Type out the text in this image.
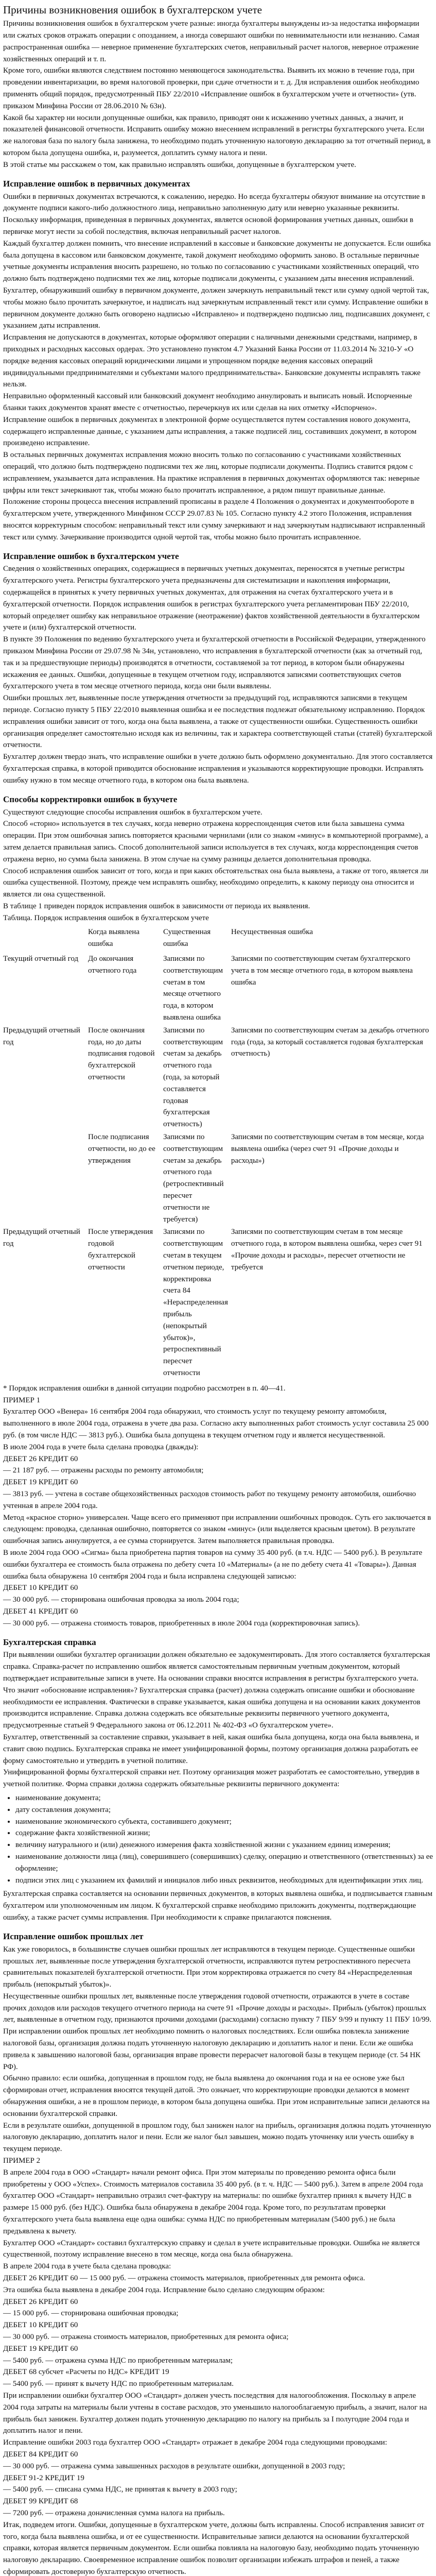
Причины возникновения ошибок в бухгалтерском учете

Причины возникновения ошибок в бухгалтерском учете разные: иногда бухгалтеры вынуждены из-за недостатка информации или сжатых сроков отражать операции с опозданием, а иногда совершают ошибки по невнимательности или незнанию. Самая распространенная ошибка — неверное применение бухгалтерских счетов, неправильный расчет налогов, неверное отражение хозяйственных операций и т. п.

Кроме того, ошибки являются следствием постоянно меняющегося законодательства. Выявить их можно в течение года, при проведении инвентаризации, во время налоговой проверки, при сдаче отчетности и т. д. Для исправления ошибок необходимо применять общий порядок, предусмотренный ПБУ 22/2010 «Исправление ошибок в бухгалтерском учете и отчетности» (утв. приказом Минфина России от 28.06.2010 № 63н).

Какой бы характер ни носили допущенные ошибки, как правило, приводят они к искажению учетных данных, а значит, и показателей финансовой отчетности. Исправить ошибку можно внесением исправлений в регистры бухгалтерского учета. Если же налоговая база по налогу была занижена, то необходимо подать уточненную налоговую декларацию за тот отчетный период, в котором была допущена ошибка, и, разумеется, доплатить сумму налога и пени.

В этой статье мы расскажем о том, как правильно исправлять ошибки, допущенные в бухгалтерском учете.

Исправление ошибок в первичных документах

Ошибки в первичных документах встречаются, к сожалению, нередко. Но всегда бухгалтеры обязуют внимание на отсутствие в документе подписи какого-либо должностного лица, неправильно заполненную дату или неверно указанные реквизиты. Поскольку информация, приведенная в первичных документах, является основой формирования учетных данных, ошибки в первичке могут нести за собой последствия, включая неправильный расчет налогов.

Каждый бухгалтер должен помнить, что внесение исправлений в кассовые и банковские документы не допускается. Если ошибка была допущена в кассовом или банковском документе, такой документ необходимо оформить заново. В остальные первичные учетные документы исправления вносить разрешено, но только по согласованию с участниками хозяйственных операций, что должно быть подтверждено подписями тех же лиц, которые подписали документы, с указанием даты внесения исправлений.

Бухгалтер, обнаруживший ошибку в первичном документе, должен зачеркнуть неправильный текст или сумму одной чертой так, чтобы можно было прочитать зачеркнутое, и надписать над зачеркнутым исправленный текст или сумму. Исправление ошибки в первичном документе должно быть оговорено надписью «Исправлено» и подтверждено подписью лиц, подписавших документ, с указанием даты исправления.

Исправления не допускаются в документах, которые оформляют операции с наличными денежными средствами, например, в приходных и расходных кассовых ордерах. Это установлено пунктом 4.7 Указаний Банка России от 11.03.2014 № 3210-У «О порядке ведения кассовых операций юридическими лицами и упрощенном порядке ведения кассовых операций индивидуальными предпринимателями и субъектами малого предпринимательства». Банковские документы исправлять также нельзя.

Неправильно оформленный кассовый или банковский документ необходимо аннулировать и выписать новый. Испорченные бланки таких документов хранят вместе с отчетностью, перечеркнув их или сделав на них отметку «Испорчено».

Исправление ошибок в первичных документах в электронной форме осуществляется путем составления нового документа, содержащего исправленные данные, с указанием даты исправления, а также подписей лиц, составивших документ, в котором произведено исправление.

В остальных первичных документах исправления можно вносить только по согласованию с участниками хозяйственных операций, что должно быть подтверждено подписями тех же лиц, которые подписали документы. Подпись ставится рядом с исправлением, указывается дата исправления. На практике исправления в первичных документах оформляются так: неверные цифры или текст зачеркивают так, чтобы можно было прочитать исправленное, а рядом пишут правильные данные.

Положение стороны процесса внесения исправлений прописаны в разделе 4 Положения о документах и документообороте в бухгалтерском учете, утвержденного Минфином СССР 29.07.83 № 105. Согласно пункту 4.2 этого Положения, исправления вносятся корректурным способом: неправильный текст или сумму зачеркивают и над зачеркнутым надписывают исправленный текст или сумму. Зачеркивание производится одной чертой так, чтобы можно было прочитать исправленное.

Исправление ошибок в бухгалтерском учете

Сведения о хозяйственных операциях, содержащиеся в первичных учетных документах, переносятся в учетные регистры бухгалтерского учета. Регистры бухгалтерского учета предназначены для систематизации и накопления информации, содержащейся в принятых к учету первичных учетных документах, для отражения на счетах бухгалтерского учета и в бухгалтерской отчетности. Порядок исправления ошибок в регистрах бухгалтерского учета регламентирован ПБУ 22/2010, который определяет ошибку как неправильное отражение (неотражение) фактов хозяйственной деятельности в бухгалтерском учете и (или) бухгалтерской отчетности.

В пункте 39 Положения по ведению бухгалтерского учета и бухгалтерской отчетности в Российской Федерации, утвержденного приказом Минфина России от 29.07.98 № 34н, установлено, что исправления в бухгалтерской отчетности (как за отчетный год, так и за предшествующие периоды) производятся в отчетности, составляемой за тот период, в котором были обнаружены искажения ее данных. Ошибки, допущенные в текущем отчетном году, исправляются записями соответствующих счетов бухгалтерского учета в том месяце отчетного периода, когда они были выявлены.

Ошибки прошлых лет, выявленные после утверждения отчетности за предыдущий год, исправляются записями в текущем периоде. Согласно пункту 5 ПБУ 22/2010 выявленная ошибка и ее последствия подлежат обязательному исправлению. Порядок исправления ошибки зависит от того, когда она была выявлена, а также от существенности ошибки. Существенность ошибки организация определяет самостоятельно исходя как из величины, так и характера соответствующей статьи (статей) бухгалтерской отчетности.

Бухгалтер должен твердо знать, что исправление ошибки в учете должно быть оформлено документально. Для этого составляется бухгалтерская справка, в которой приводится обоснование исправления и указываются корректирующие проводки. Исправлять ошибку нужно в том месяце отчетного года, в котором она была выявлена.

Способы корректировки ошибок в бухучете

Существуют следующие способы исправления ошибок в бухгалтерском учете.

Способ «сторно» используется в тех случаях, когда неверно отражена корреспонденция счетов или была завышена сумма операции. При этом ошибочная запись повторяется красными чернилами (или со знаком «минус» в компьютерной программе), а затем делается правильная запись. Способ дополнительной записи используется в тех случаях, когда корреспонденция счетов отражена верно, но сумма была занижена. В этом случае на сумму разницы делается дополнительная проводка.

Способ исправления ошибок зависит от того, когда и при каких обстоятельствах она была выявлена, а также от того, является ли ошибка существенной. Поэтому, прежде чем исправлять ошибку, необходимо определить, к какому периоду она относится и является ли она существенной.

В таблице 1 приведен порядок исправления ошибок в зависимости от периода их выявления.

Таблица. Порядок исправления ошибок в бухгалтерском учете

	Когда выявлена ошибка	Существенная ошибка	Несущественная ошибка

Текущий отчетный год	До окончания отчетного года	Записями по соответствующим счетам в том месяце отчетного года, в котором выявлена ошибка	Записями по соответствующим счетам бухгалтерского учета в том месяце отчетного года, в котором выявлена ошибка
Предыдущий отчетный год	После окончания года, но до даты подписания годовой бухгалтерской отчетности	Записями по соответствующим счетам за декабрь отчетного года (года, за который составляется годовая бухгалтерская отчетность)	Записями по соответствующим счетам за декабрь отчетного года (года, за который составляется годовая бухгалтерская отчетность)
	После подписания отчетности, но до ее утверждения	Записями по соответствующим счетам за декабрь отчетного года (ретроспективный пересчет отчетности не требуется)	Записями по соответствующим счетам в том месяце, когда выявлена ошибка (через счет 91 «Прочие доходы и расходы»)
Предыдущий отчетный год	После утверждения годовой бухгалтерской отчетности	Записями по соответствующим счетам в текущем отчетном периоде, корректировка счета 84 «Нераспределенная прибыль (непокрытый убыток)», ретроспективный пересчет отчетности	Записями по соответствующим счетам в том месяце отчетного года, в котором выявлена ошибка, через счет 91 «Прочие доходы и расходы», пересчет отчетности не требуется

* Порядок исправления ошибки в данной ситуации подробно рассмотрен в п. 40—41.

ПРИМЕР 1

Бухгалтер ООО «Венера» 16 сентября 2004 года обнаружил, что стоимость услуг по текущему ремонту автомобиля, выполненного в июле 2004 года, отражена в учете два раза. Согласно акту выполненных работ стоимость услуг составила 25 000 руб. (в том числе НДС — 3813 руб.). Ошибка была допущена в текущем отчетном году и является несущественной.

В июле 2004 года в учете была сделана проводка (дважды):

ДЕБЕТ 26 КРЕДИТ 60

— 21 187 руб. — отражены расходы по ремонту автомобиля;

ДЕБЕТ 19 КРЕДИТ 60

— 3813 руб. — учтена в составе общехозяйственных расходов стоимость работ по текущему ремонту автомобиля, ошибочно учтенная в апреле 2004 года.

Метод «красное сторно» универсален. Чаще всего его применяют при исправлении ошибочных проводок. Суть его заключается в следующем: проводка, сделанная ошибочно, повторяется со знаком «минус» (или выделяется красным цветом). В результате ошибочная запись аннулируется, а ее сумма сторнируется. Затем выполняется правильная проводка.

В июле 2004 года ООО «Сигма» была приобретена партия товаров на сумму 35 400 руб. (в т.ч. НДС — 5400 руб.). В результате ошибки бухгалтера ее стоимость была отражена по дебету счета 10 «Материалы» (а не по дебету счета 41 «Товары»). Данная ошибка была обнаружена 10 сентября 2004 года и была исправлена следующей записью:

ДЕБЕТ 10 КРЕДИТ 60

— 30 000 руб. — сторнирована ошибочная проводка за июль 2004 года;

ДЕБЕТ 41 КРЕДИТ 60

— 30 000 руб. — отражена стоимость товаров, приобретенных в июле 2004 года (корректировочная запись).

Бухгалтерская справка

При выявлении ошибки бухгалтер организации должен обязательно ее задокументировать. Для этого составляется бухгалтерская справка. Справка-расчет по исправлению ошибок является самостоятельным первичным учетным документом, который подтверждает исправительные записи в учете. На основании справки вносятся исправления в регистры бухгалтерского учета.

Что значит «обоснование исправления»? Бухгалтерская справка (расчет) должна содержать описание ошибки и обоснование необходимости ее исправления. Фактически в справке указывается, какая ошибка допущена и на основании каких документов производится исправление. Справка должна содержать все обязательные реквизиты первичного учетного документа, предусмотренные статьей 9 Федерального закона от 06.12.2011 № 402-ФЗ «О бухгалтерском учете».

Бухгалтер, ответственный за составление справки, указывает в ней, какая ошибка была допущена, когда она была выявлена, и ставит свою подпись. Бухгалтерская справка не имеет унифицированной формы, поэтому организация должна разработать ее форму самостоятельно и утвердить в учетной политике.

Унифицированной формы бухгалтерской справки нет. Поэтому организация может разработать ее самостоятельно, утвердив в учетной политике. Форма справки должна содержать обязательные реквизиты первичного документа:

• наименование документа;
• дату составления документа;
• наименование экономического субъекта, составившего документ;
• содержание факта хозяйственной жизни;
• величину натурального и (или) денежного измерения факта хозяйственной жизни с указанием единиц измерения;
• наименование должности лица (лиц), совершившего (совершивших) сделку, операцию и ответственного (ответственных) за ее оформление;
• подписи этих лиц с указанием их фамилий и инициалов либо иных реквизитов, необходимых для идентификации этих лиц.

Бухгалтерская справка составляется на основании первичных документов, в которых выявлена ошибка, и подписывается главным бухгалтером или уполномоченным им лицом. К бухгалтерской справке необходимо приложить документы, подтверждающие ошибку, а также расчет суммы исправления. При необходимости к справке прилагаются пояснения.

Исправление ошибок прошлых лет

Как уже говорилось, в большинстве случаев ошибки прошлых лет исправляются в текущем периоде. Существенные ошибки прошлых лет, выявленные после утверждения бухгалтерской отчетности, исправляются путем ретроспективного пересчета сравнительных показателей бухгалтерской отчетности. При этом корректировка отражается по счету 84 «Нераспределенная прибыль (непокрытый убыток)».

Несущественные ошибки прошлых лет, выявленные после утверждения годовой отчетности, отражаются в учете в составе прочих доходов или расходов текущего отчетного периода на счете 91 «Прочие доходы и расходы». Прибыль (убыток) прошлых лет, выявленные в отчетном году, признаются прочими доходами (расходами) согласно пункту 7 ПБУ 9/99 и пункту 11 ПБУ 10/99.

При исправлении ошибок прошлых лет необходимо помнить о налоговых последствиях. Если ошибка повлекла занижение налоговой базы, организация должна подать уточненную налоговую декларацию и доплатить налог и пени. Если же ошибка привела к завышению налоговой базы, организация вправе провести перерасчет налоговой базы в текущем периоде (ст. 54 НК РФ).

Обычно правило: если ошибка, допущенная в прошлом году, не была выявлена до окончания года и на ее основе уже был сформирован отчет, исправления вносятся текущей датой. Это означает, что корректирующие проводки делаются в момент обнаружения ошибки, а не в прошлом периоде, в котором была допущена ошибка. При этом исправительные записи делаются на основании бухгалтерской справки.

Если в результате ошибки, допущенной в прошлом году, был занижен налог на прибыль, организация должна подать уточненную налоговую декларацию, доплатить налог и пени. Если же налог был завышен, можно подать уточненку или учесть ошибку в текущем периоде.

ПРИМЕР 2

В апреле 2004 года в ООО «Стандарт» начали ремонт офиса. При этом материалы по проведению ремонта офиса были приобретены у ООО «Успех». Стоимость материалов составила 35 400 руб. (в т. ч. НДС — 5400 руб.). Затем в апреле 2004 года бухгалтер ООО «Стандарт» неправильно отразил счет-фактуру на материалы: по ошибке бухгалтер принял к вычету НДС в размере 15 000 руб. (без НДС). Ошибка была обнаружена в декабре 2004 года. Кроме того, по результатам проверки бухгалтерского учета была выявлена еще одна ошибка: сумма НДС по приобретенным материалам (5400 руб.) не была предъявлена к вычету.

Бухгалтер ООО «Стандарт» составил бухгалтерскую справку и сделал в учете исправительные проводки. Ошибка не является существенной, поэтому исправление внесено в том месяце, когда она была обнаружена.

В апреле 2004 года в учете была сделана проводка:

ДЕБЕТ 26 КРЕДИТ 60 — 15 000 руб. — отражена стоимость материалов, приобретенных для ремонта офиса.

Эта ошибка была выявлена в декабре 2004 года. Исправление было сделано следующим образом:

ДЕБЕТ 26 КРЕДИТ 60

— 15 000 руб. — сторнирована ошибочная проводка;

ДЕБЕТ 10 КРЕДИТ 60

— 30 000 руб. — отражена стоимость материалов, приобретенных для ремонта офиса;

ДЕБЕТ 19 КРЕДИТ 60

— 5400 руб. — отражена сумма НДС по приобретенным материалам;

ДЕБЕТ 68 субсчет «Расчеты по НДС» КРЕДИТ 19

— 5400 руб. — принят к вычету НДС по приобретенным материалам.

При исправлении ошибки бухгалтер ООО «Стандарт» должен учесть последствия для налогообложения. Поскольку в апреле 2004 года затраты на материалы были учтены в составе расходов, это уменьшило налогооблагаемую прибыль, а значит, налог на прибыль был занижен. Бухгалтер должен подать уточненную декларацию по налогу на прибыль за I полугодие 2004 года и доплатить налог и пени.

Исправление ошибки 2003 года бухгалтер ООО «Стандарт» отражает в декабре 2004 года следующими проводками:

ДЕБЕТ 84 КРЕДИТ 60

— 30 000 руб. — отражена сумма завышенных расходов в результате ошибки, допущенной в 2003 году;

ДЕБЕТ 91-2 КРЕДИТ 19

— 5400 руб. — списана сумма НДС, не принятая к вычету в 2003 году;

ДЕБЕТ 99 КРЕДИТ 68

— 7200 руб. — отражена доначисленная сумма налога на прибыль.

Итак, подведем итоги. Ошибки, допущенные в бухгалтерском учете, должны быть исправлены. Способ исправления зависит от того, когда была выявлена ошибка, и от ее существенности. Исправительные записи делаются на основании бухгалтерской справки, которая является первичным документом. Если ошибка повлияла на налоговую базу, необходимо подать уточненную налоговую декларацию. Своевременное исправление ошибок позволит организации избежать штрафов и пеней, а также сформировать достоверную бухгалтерскую отчетность.
